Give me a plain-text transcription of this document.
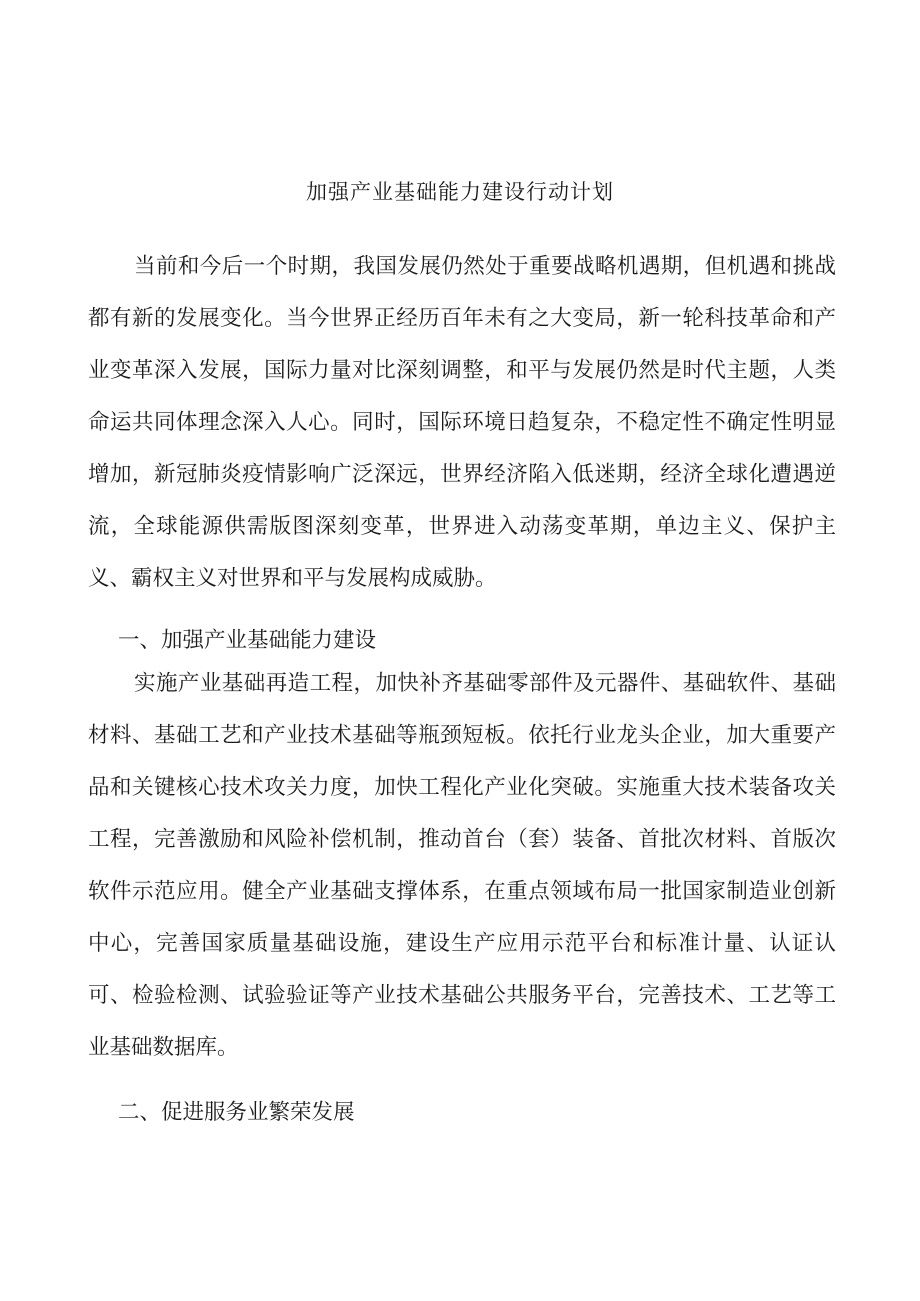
加强产业基础能力建设行动计划

当前和今后一个时期，我国发展仍然处于重要战略机遇期，但机遇和挑战都有新的发展变化。当今世界正经历百年未有之大变局，新一轮科技革命和产业变革深入发展，国际力量对比深刻调整，和平与发展仍然是时代主题，人类命运共同体理念深入人心。同时，国际环境日趋复杂，不稳定性不确定性明显增加，新冠肺炎疫情影响广泛深远，世界经济陷入低迷期，经济全球化遭遇逆流，全球能源供需版图深刻变革，世界进入动荡变革期，单边主义、保护主义、霸权主义对世界和平与发展构成威胁。

一、加强产业基础能力建设

实施产业基础再造工程，加快补齐基础零部件及元器件、基础软件、基础材料、基础工艺和产业技术基础等瓶颈短板。依托行业龙头企业，加大重要产品和关键核心技术攻关力度，加快工程化产业化突破。实施重大技术装备攻关工程，完善激励和风险补偿机制，推动首台（套）装备、首批次材料、首版次软件示范应用。健全产业基础支撑体系，在重点领域布局一批国家制造业创新中心，完善国家质量基础设施，建设生产应用示范平台和标准计量、认证认可、检验检测、试验验证等产业技术基础公共服务平台，完善技术、工艺等工业基础数据库。

二、促进服务业繁荣发展
